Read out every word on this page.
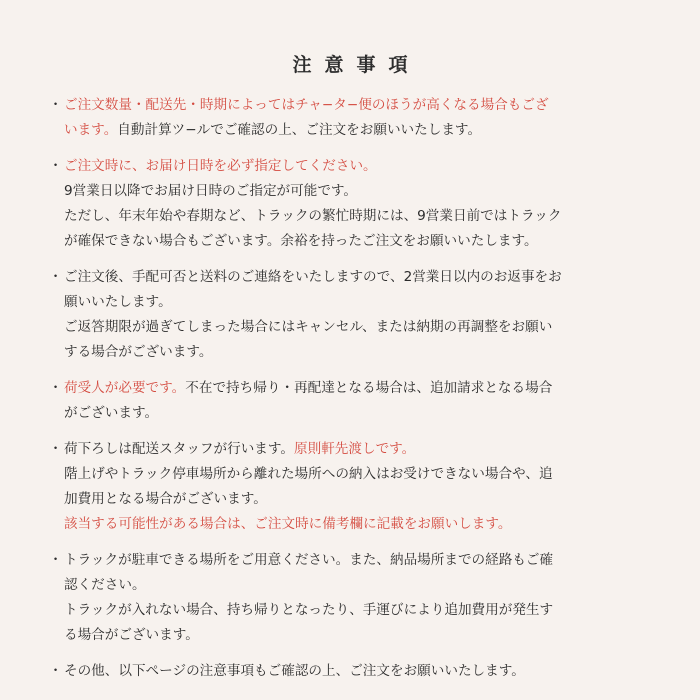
注意事項
・ ご注文数量・配送先・時期によってはチャ−タ−便のほうが高くなる場合もござ
います。自動計算ツ−ルでご確認の上、ご注文をお願いいたします。
・ ご注文時に、お届け日時を必ず指定してください。
9営業日以降でお届け日時のご指定が可能です。
ただし、年末年始や春期など、トラックの繁忙時期には、9営業日前ではトラック
が確保できない場合もございます。余裕を持ったご注文をお願いいたします。
・ ご注文後、手配可否と送料のご連絡をいたしますので、2営業日以内のお返事をお
願いいたします。
ご返答期限が過ぎてしまった場合にはキャンセル、または納期の再調整をお願い
する場合がございます。
・ 荷受人が必要です。不在で持ち帰り・再配達となる場合は、追加請求となる場合
がございます。
・ 荷下ろしは配送スタッフが行います。原則軒先渡しです。
階上げやトラック停車場所から離れた場所への納入はお受けできない場合や、追
加費用となる場合がございます。
該当する可能性がある場合は、ご注文時に備考欄に記載をお願いします。
・ トラックが駐車できる場所をご用意ください。また、納品場所までの経路もご確
認ください。
トラックが入れない場合、持ち帰りとなったり、手運びにより追加費用が発生す
る場合がございます。
・ その他、以下ページの注意事項もご確認の上、ご注文をお願いいたします。
